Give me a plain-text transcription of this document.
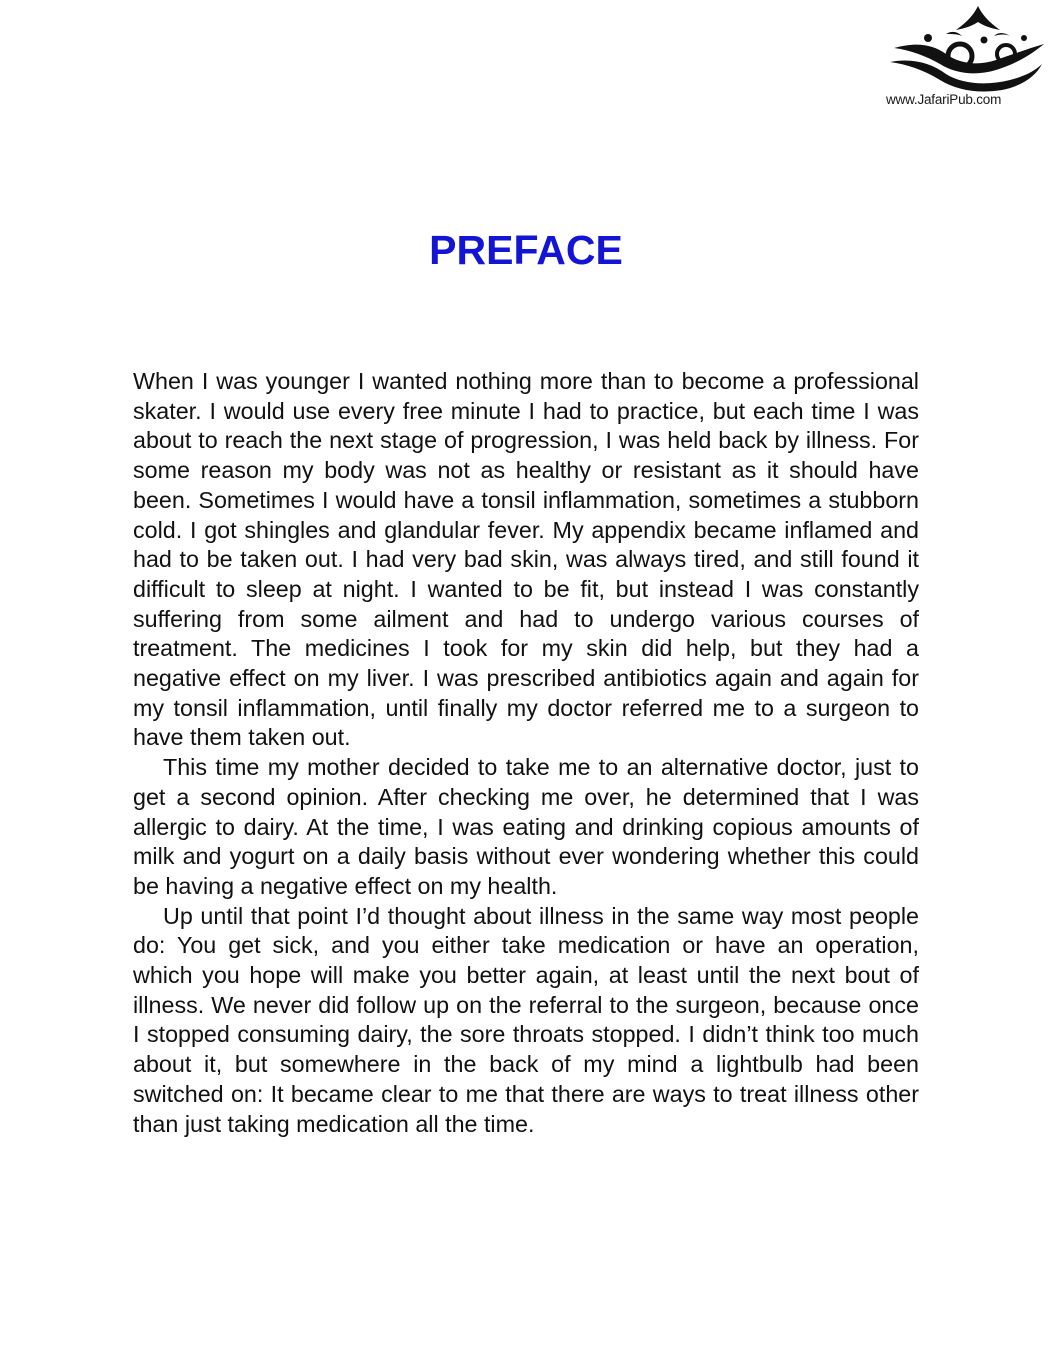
www.JafariPub.com
PREFACE

When I was younger I wanted nothing more than to become a professional skater. I would use every free minute I had to practice, but each time I was about to reach the next stage of progression, I was held back by illness. For some reason my body was not as healthy or resistant as it should have been. Sometimes I would have a tonsil inflammation, sometimes a stubborn cold. I got shingles and glandular fever. My appendix became inflamed and had to be taken out. I had very bad skin, was always tired, and still found it difficult to sleep at night. I wanted to be fit, but instead I was constantly suffering from some ailment and had to undergo various courses of treatment. The medicines I took for my skin did help, but they had a negative effect on my liver. I was prescribed antibiotics again and again for my tonsil inflammation, until finally my doctor referred me to a surgeon to have them taken out.

This time my mother decided to take me to an alternative doctor, just to get a second opinion. After checking me over, he determined that I was allergic to dairy. At the time, I was eating and drinking copious amounts of milk and yogurt on a daily basis without ever wondering whether this could be having a negative effect on my health.

Up until that point I’d thought about illness in the same way most people do: You get sick, and you either take medication or have an operation, which you hope will make you better again, at least until the next bout of illness. We never did follow up on the referral to the surgeon, because once I stopped consuming dairy, the sore throats stopped. I didn’t think too much about it, but somewhere in the back of my mind a lightbulb had been switched on: It became clear to me that there are ways to treat illness other than just taking medication all the time.
